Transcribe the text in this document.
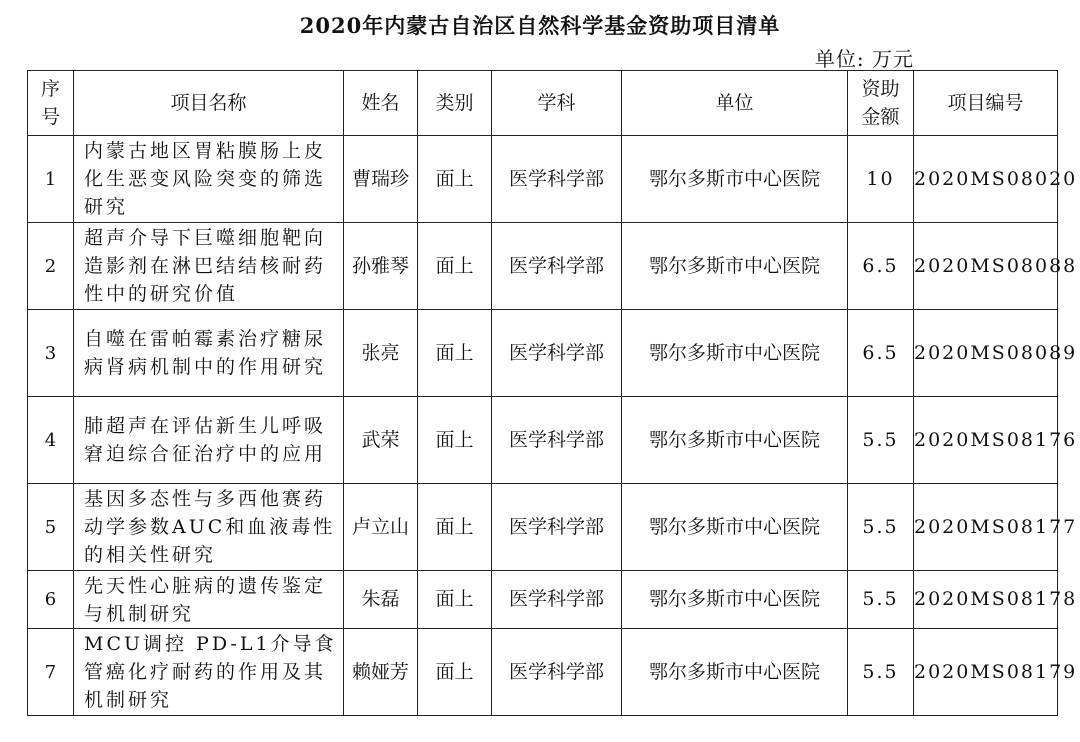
2020年内蒙古自治区自然科学基金资助项目清单
单位: 万元
序号	项目名称	姓名	类别	学科	单位	资助金额	项目编号
1	内蒙古地区胃粘膜肠上皮化生恶变风险突变的筛选研究	曹瑞珍	面上	医学科学部	鄂尔多斯市中心医院	10	2020MS08020
2	超声介导下巨噬细胞靶向造影剂在淋巴结结核耐药性中的研究价值	孙雅琴	面上	医学科学部	鄂尔多斯市中心医院	6.5	2020MS08088
3	自噬在雷帕霉素治疗糖尿病肾病机制中的作用研究	张亮	面上	医学科学部	鄂尔多斯市中心医院	6.5	2020MS08089
4	肺超声在评估新生儿呼吸窘迫综合征治疗中的应用	武荣	面上	医学科学部	鄂尔多斯市中心医院	5.5	2020MS08176
5	基因多态性与多西他赛药动学参数AUC和血液毒性的相关性研究	卢立山	面上	医学科学部	鄂尔多斯市中心医院	5.5	2020MS08177
6	先天性心脏病的遗传鉴定与机制研究	朱磊	面上	医学科学部	鄂尔多斯市中心医院	5.5	2020MS08178
7	MCU调控 PD-L1介导食管癌化疗耐药的作用及其机制研究	赖娅芳	面上	医学科学部	鄂尔多斯市中心医院	5.5	2020MS08179
